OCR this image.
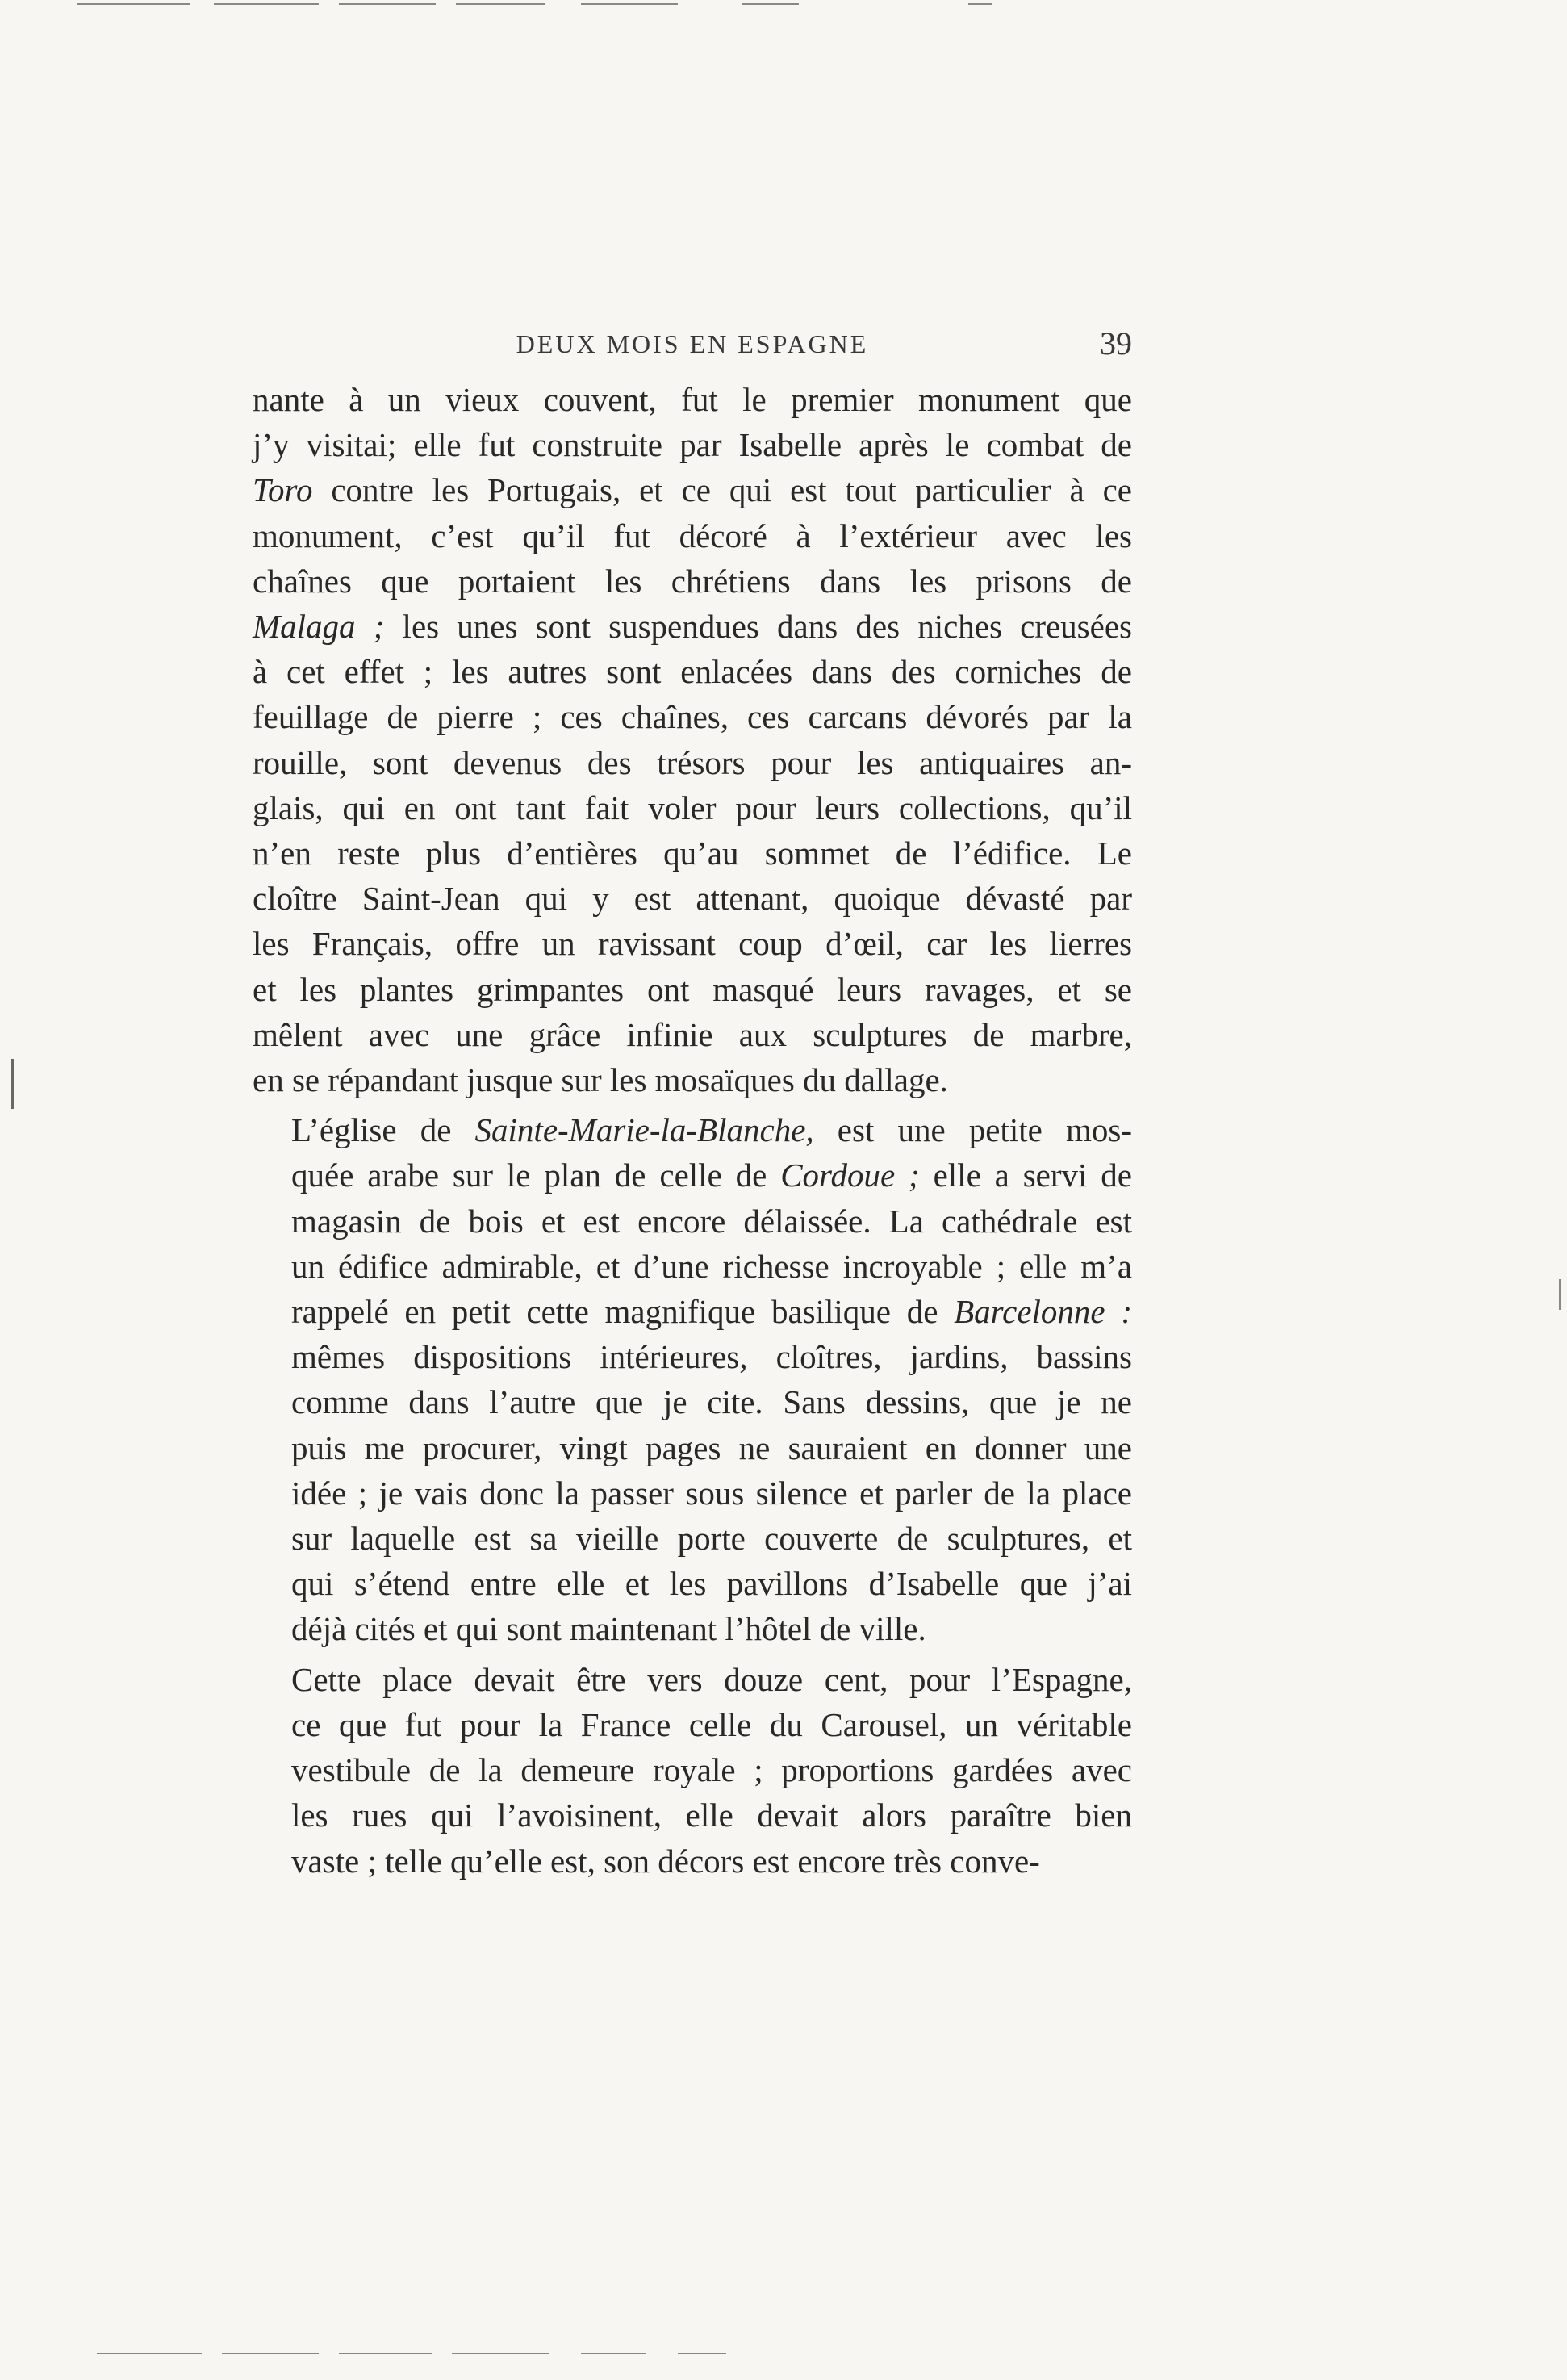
DEUX MOIS EN ESPAGNE	39

nante à un vieux couvent, fut le premier monument que
j’y visitai; elle fut construite par Isabelle après le combat de
Toro contre les Portugais, et ce qui est tout particulier à ce
monument, c’est qu’il fut décoré à l’extérieur avec les
chaînes que portaient les chrétiens dans les prisons de
Malaga ; les unes sont suspendues dans des niches creusées
à cet effet ; les autres sont enlacées dans des corniches de
feuillage de pierre ; ces chaînes, ces carcans dévorés par la
rouille, sont devenus des trésors pour les antiquaires an-
glais, qui en ont tant fait voler pour leurs collections, qu’il
n’en reste plus d’entières qu’au sommet de l’édifice. Le
cloître Saint-Jean qui y est attenant, quoique dévasté par
les Français, offre un ravissant coup d’œil, car les lierres
et les plantes grimpantes ont masqué leurs ravages, et se
mêlent avec une grâce infinie aux sculptures de marbre,
en se répandant jusque sur les mosaïques du dallage.

L’église de Sainte-Marie-la-Blanche, est une petite mos-
quée arabe sur le plan de celle de Cordoue ; elle a servi de
magasin de bois et est encore délaissée. La cathédrale est
un édifice admirable, et d’une richesse incroyable ; elle m’a
rappelé en petit cette magnifique basilique de Barcelonne :
mêmes dispositions intérieures, cloîtres, jardins, bassins
comme dans l’autre que je cite. Sans dessins, que je ne
puis me procurer, vingt pages ne sauraient en donner une
idée ; je vais donc la passer sous silence et parler de la place
sur laquelle est sa vieille porte couverte de sculptures, et
qui s’étend entre elle et les pavillons d’Isabelle que j’ai
déjà cités et qui sont maintenant l’hôtel de ville.

Cette place devait être vers douze cent, pour l’Espagne,
ce que fut pour la France celle du Carousel, un véritable
vestibule de la demeure royale ; proportions gardées avec
les rues qui l’avoisinent, elle devait alors paraître bien
vaste ; telle qu’elle est, son décors est encore très conve-
